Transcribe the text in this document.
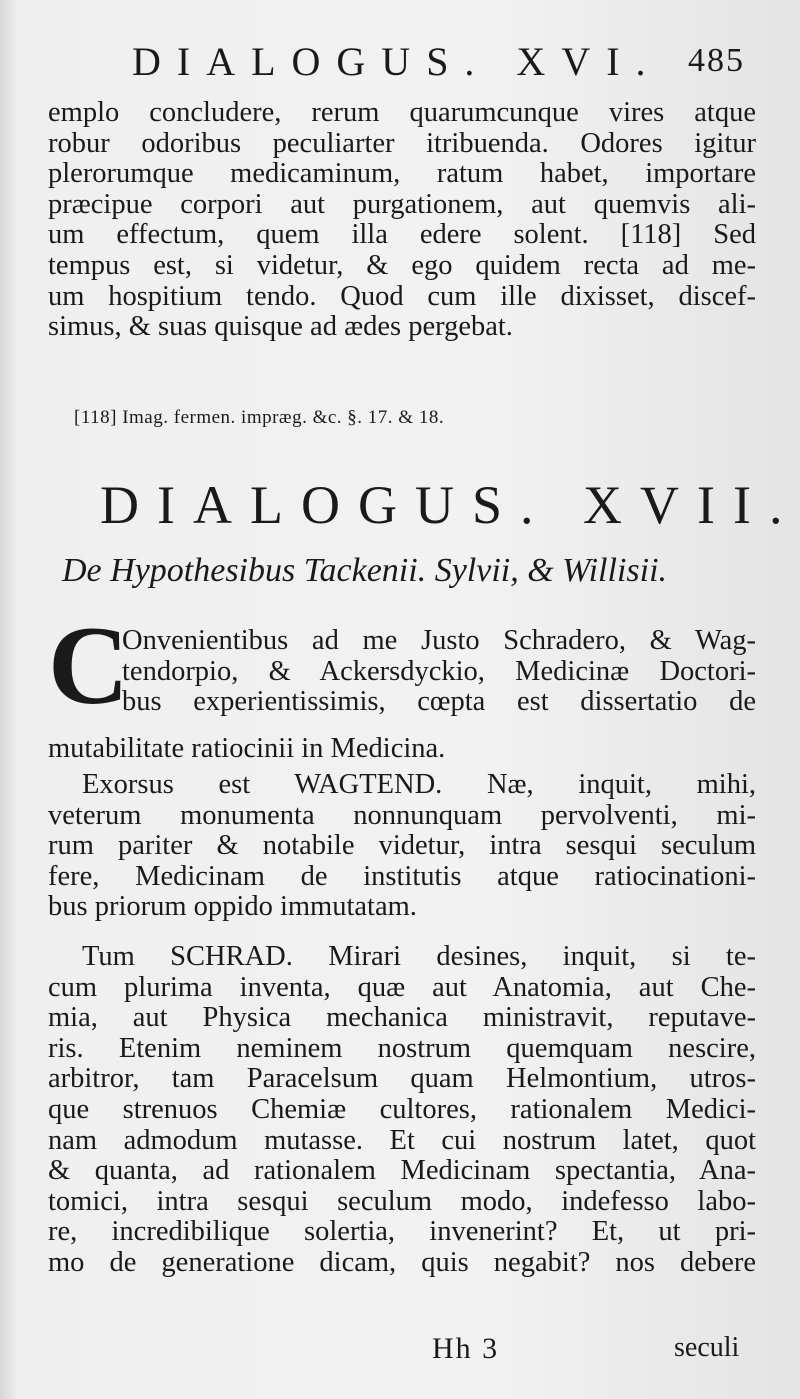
DIALOGUS. XVI. 485
emplo concludere, rerum quarumcunque vires atque
robur odoribus peculiarter itribuenda. Odores igitur
plerorumque medicaminum, ratum habet, importare
præcipue corpori aut purgationem, aut quemvis ali-
um effectum, quem illa edere solent. [118] Sed
tempus est, si videtur, & ego quidem recta ad me-
um hospitium tendo. Quod cum ille dixisset, discef-
simus, & suas quisque ad ædes pergebat.
[118] Imag. fermen. impræg. &c. §. 17. & 18.
DIALOGUS. XVII.
De Hypothesibus Tackenii. Sylvii, & Willisii.
C
Onvenientibus ad me Justo Schradero, & Wag-
tendorpio, & Ackersdyckio, Medicinæ Doctori-
bus experientissimis, cœpta est dissertatio de
mutabilitate ratiocinii in Medicina.
Exorsus est WAGTEND. Næ, inquit, mihi,
veterum monumenta nonnunquam pervolventi, mi-
rum pariter & notabile videtur, intra sesqui seculum
fere, Medicinam de institutis atque ratiocinationi-
bus priorum oppido immutatam.
Tum SCHRAD. Mirari desines, inquit, si te-
cum plurima inventa, quæ aut Anatomia, aut Che-
mia, aut Physica mechanica ministravit, reputave-
ris. Etenim neminem nostrum quemquam nescire,
arbitror, tam Paracelsum quam Helmontium, utros-
que strenuos Chemiæ cultores, rationalem Medici-
nam admodum mutasse. Et cui nostrum latet, quot
& quanta, ad rationalem Medicinam spectantia, Ana-
tomici, intra sesqui seculum modo, indefesso labo-
re, incredibilique solertia, invenerint? Et, ut pri-
mo de generatione dicam, quis negabit? nos debere
Hh 3	seculi
